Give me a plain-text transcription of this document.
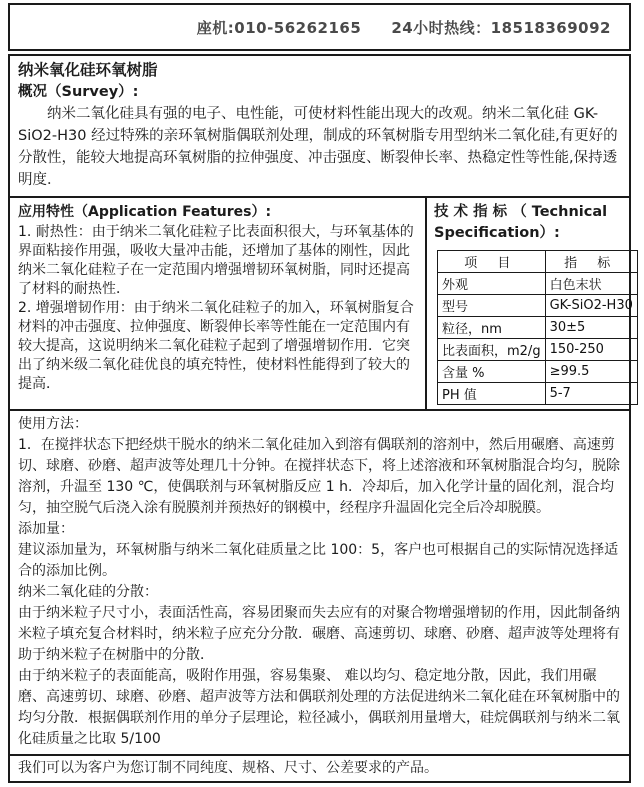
座机:010-56262165 24小时热线：18518369092

纳米氧化硅环氧树脂

概况（Survey）:

纳米二氧化硅具有强的电子、电性能，可使材料性能出现大的改观。纳米二氧化硅 GK-SiO2-H30 经过特殊的亲环氧树脂偶联剂处理，制成的环氧树脂专用型纳米二氧化硅,有更好的分散性，能较大地提高环氧树脂的拉伸强度、冲击强度、断裂伸长率、热稳定性等性能,保持透明度．

应用特性（Application Features）:

1. 耐热性：由于纳米二氧化硅粒子比表面积很大，与环氧基体的界面粘接作用强，吸收大量冲击能，还增加了基体的刚性，因此纳米二氧化硅粒子在一定范围内增强增韧环氧树脂，同时还提高了材料的耐热性．

2. 增强增韧作用：由于纳米二氧化硅粒子的加入，环氧树脂复合材料的冲击强度、拉伸强度、断裂伸长率等性能在一定范围内有较大提高，这说明纳米二氧化硅粒子起到了增强增韧作用．它突出了纳米级二氧化硅优良的填充特性，使材料性能得到了较大的提高．

技 术 指 标 （ Technical Specification）:

项 目	指 标
外观	白色末状
型号	GK-SiO2-H30
粒径，nm	30±5
比表面积，m2/g	150-250
含量 %	≥99.5
PH 值	5-7

使用方法：

1．在搅拌状态下把经烘干脱水的纳米二氧化硅加入到溶有偶联剂的溶剂中，然后用碾磨、高速剪切、球磨、砂磨、超声波等处理几十分钟。在搅拌状态下，将上述溶液和环氧树脂混合均匀，脱除溶剂，升温至 130 ℃，使偶联剂与环氧树脂反应 1 h．冷却后，加入化学计量的固化剂，混合均匀，抽空脱气后浇入涂有脱膜剂并预热好的钢模中，经程序升温固化完全后冷却脱膜。

添加量：

建议添加量为，环氧树脂与纳米二氧化硅质量之比 100：5，客户也可根据自己的实际情况选择适合的添加比例。

纳米二氧化硅的分散：

由于纳米粒子尺寸小，表面活性高，容易团聚而失去应有的对聚合物增强增韧的作用，因此制备纳米粒子填充复合材料时，纳米粒子应充分分散．碾磨、高速剪切、球磨、砂磨、超声波等处理将有助于纳米粒子在树脂中的分散．

由于纳米粒子的表面能高，吸附作用强，容易集聚、 难以均匀、稳定地分散，因此，我们用碾磨、高速剪切、球磨、砂磨、超声波等方法和偶联剂处理的方法促进纳米二氧化硅在环氧树脂中的均匀分散．根据偶联剂作用的单分子层理论，粒径减小，偶联剂用量增大，硅烷偶联剂与纳米二氧化硅质量之比取 5/100

我们可以为客户为您订制不同纯度、规格、尺寸、公差要求的产品。
